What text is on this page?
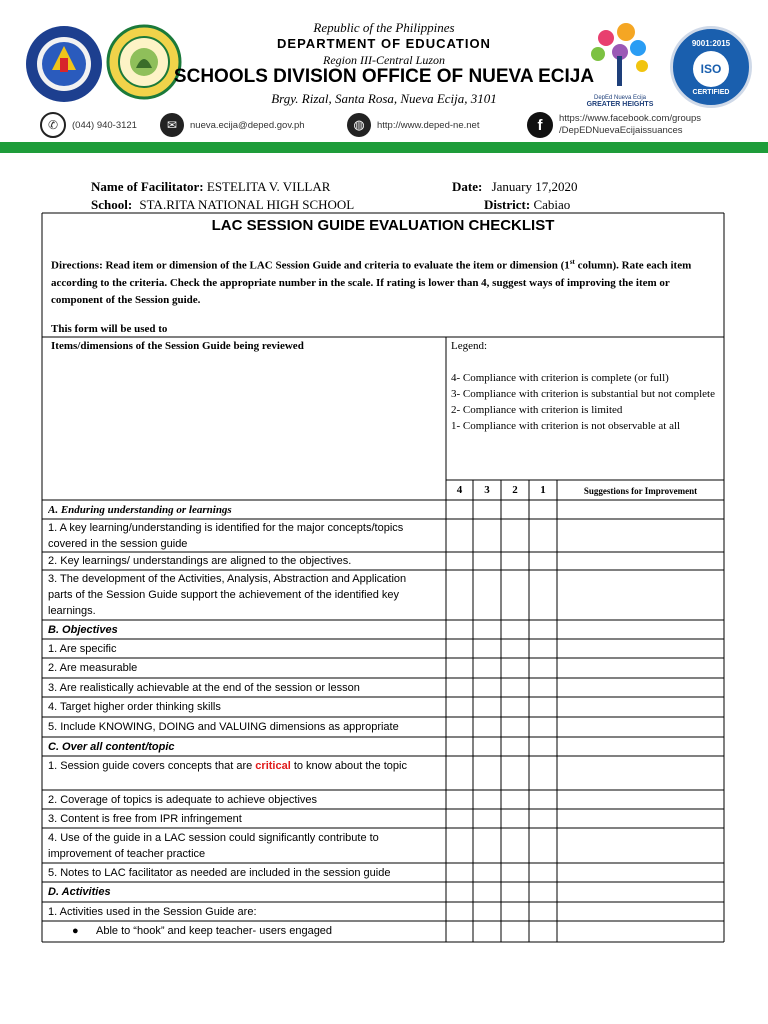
Republic of the Philippines
DEPARTMENT OF EDUCATION
Region III-Central Luzon
SCHOOLS DIVISION OFFICE OF NUEVA ECIJA
Brgy. Rizal, Santa Rosa, Nueva Ecija, 3101	DepEd Nueva Ecija
GREATER HEIGHTS
9001:2015
ISO
CERTIFIED
✆	(044) 940-3121	✉	nueva.ecija@deped.gov.ph	◍	http://www.deped-ne.net	f	https://www.facebook.com/groups
/DepEDNuevaEcijaissuances
Name of Facilitator: ESTELITA V. VILLAR	Date: January 17,2020
School: STA.RITA NATIONAL HIGH SCHOOL	District: Cabiao
LAC SESSION GUIDE EVALUATION CHECKLIST
Directions: Read item or dimension of the LAC Session Guide and criteria to evaluate the item or dimension (1st column). Rate each item according to the criteria. Check the appropriate number in the scale. If rating is lower than 4, suggest ways of improving the item or component of the Session guide.
This form will be used to
Items/dimensions of the Session Guide being reviewed	Legend:
4- Compliance with criterion is complete (or full)
3- Compliance with criterion is substantial but not complete
2- Compliance with criterion is limited
1- Compliance with criterion is not observable at all
4	3	2	1	Suggestions for Improvement
A. Enduring understanding or learnings
1. A key learning/understanding is identified for the major concepts/topics covered in the session guide
2. Key learnings/ understandings are aligned to the objectives.
3. The development of the Activities, Analysis, Abstraction and Application parts of the Session Guide support the achievement of the identified key learnings.
B. Objectives
1. Are specific
2. Are measurable
3. Are realistically achievable at the end of the session or lesson
4. Target higher order thinking skills
5. Include KNOWING, DOING and VALUING dimensions as appropriate
C. Over all content/topic
1. Session guide covers concepts that are critical to know about the topic
2. Coverage of topics is adequate to achieve objectives
3. Content is free from IPR infringement
4. Use of the guide in a LAC session could significantly contribute to improvement of teacher practice
5. Notes to LAC facilitator as needed are included in the session guide
D. Activities
1. Activities used in the Session Guide are:
● Able to “hook” and keep teacher- users engaged
